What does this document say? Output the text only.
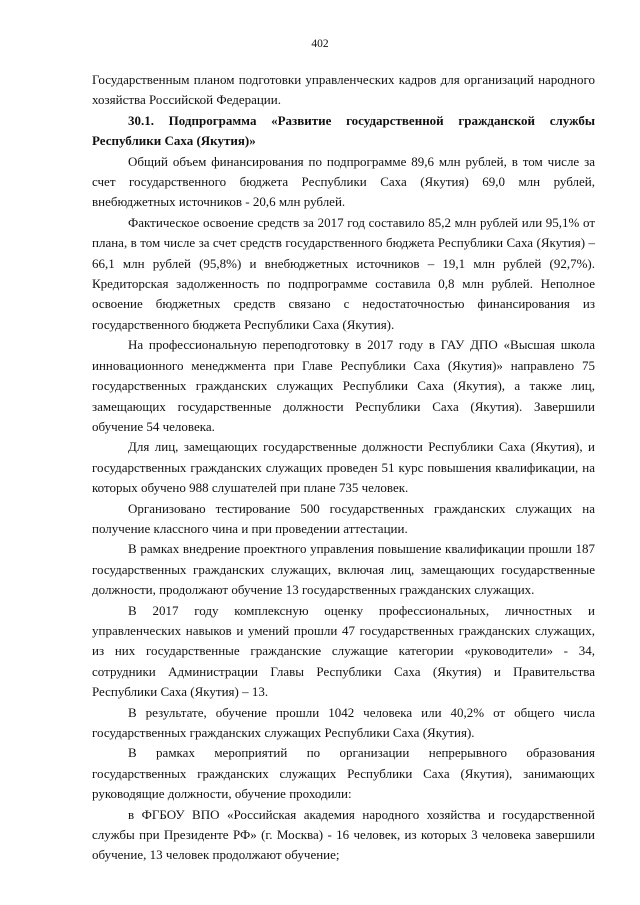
402

Государственным планом подготовки управленческих кадров для организаций народного хозяйства Российской Федерации.

30.1. Подпрограмма «Развитие государственной гражданской службы Республики Саха (Якутия)»

Общий объем финансирования по подпрограмме 89,6 млн рублей, в том числе за счет государственного бюджета Республики Саха (Якутия) 69,0 млн рублей, внебюджетных источников - 20,6 млн рублей.

Фактическое освоение средств за 2017 год составило 85,2 млн рублей или 95,1% от плана, в том числе за счет средств государственного бюджета Республики Саха (Якутия) – 66,1 млн рублей (95,8%) и внебюджетных источников – 19,1 млн рублей (92,7%). Кредиторская задолженность по подпрограмме составила 0,8 млн рублей. Неполное освоение бюджетных средств связано с недостаточностью финансирования из государственного бюджета Республики Саха (Якутия).

На профессиональную переподготовку в 2017 году в ГАУ ДПО «Высшая школа инновационного менеджмента при Главе Республики Саха (Якутия)» направлено 75 государственных гражданских служащих Республики Саха (Якутия), а также лиц, замещающих государственные должности Республики Саха (Якутия). Завершили обучение 54 человека.

Для лиц, замещающих государственные должности Республики Саха (Якутия), и государственных гражданских служащих проведен 51 курс повышения квалификации, на которых обучено 988 слушателей при плане 735 человек.

Организовано тестирование 500 государственных гражданских служащих на получение классного чина и при проведении аттестации.

В рамках внедрение проектного управления повышение квалификации прошли 187 государственных гражданских служащих, включая лиц, замещающих государственные должности, продолжают обучение 13 государственных гражданских служащих.

В 2017 году комплексную оценку профессиональных, личностных и управленческих навыков и умений прошли 47 государственных гражданских служащих, из них государственные гражданские служащие категории «руководители» - 34, сотрудники Администрации Главы Республики Саха (Якутия) и Правительства Республики Саха (Якутия) – 13.

В результате, обучение прошли 1042 человека или 40,2% от общего числа государственных гражданских служащих Республики Саха (Якутия).

В рамках мероприятий по организации непрерывного образования государственных гражданских служащих Республики Саха (Якутия), занимающих руководящие должности, обучение проходили:

в ФГБОУ ВПО «Российская академия народного хозяйства и государственной службы при Президенте РФ» (г. Москва) - 16 человек, из которых 3 человека завершили обучение, 13 человек продолжают обучение;
